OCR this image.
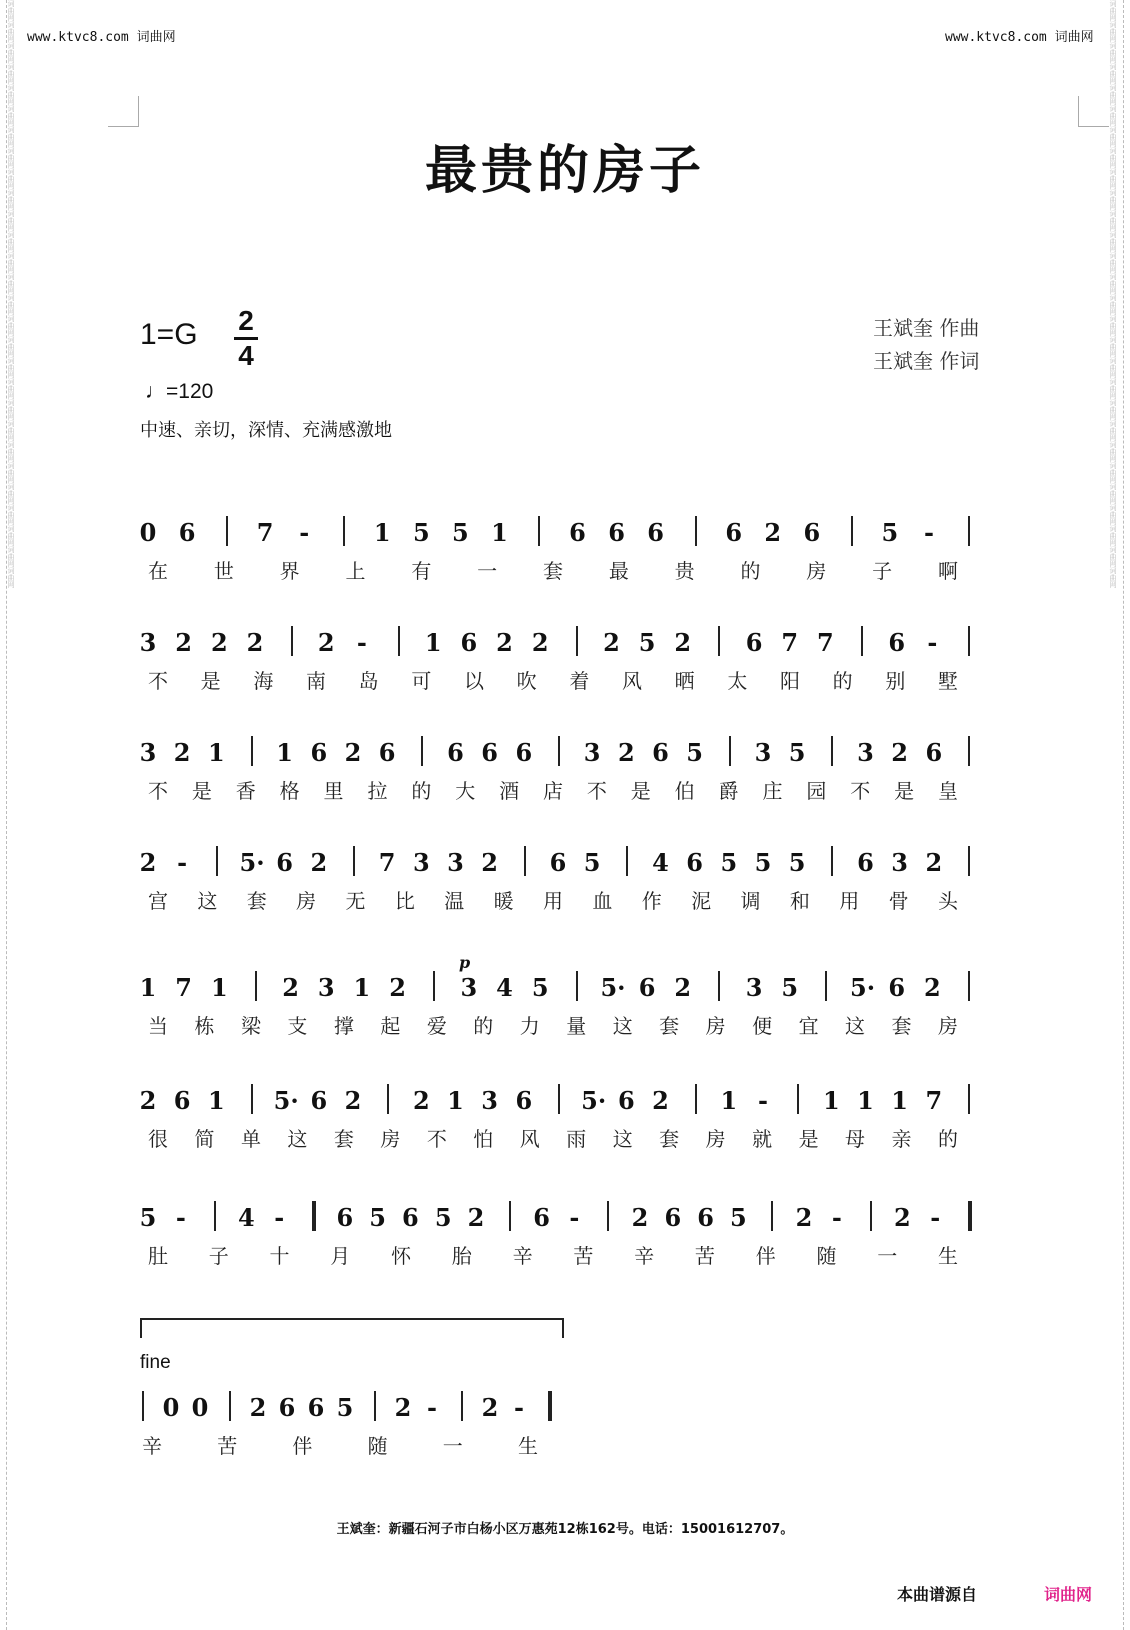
词曲网词曲网词曲网词曲网词曲网词曲网词曲网词曲网词曲网词曲网词曲网词曲网词曲网词曲网词曲网词曲网词曲网词曲网词曲网词曲网词曲网词曲网词曲网词曲网词曲网词曲网词曲网词曲网	词曲网词曲网词曲网词曲网词曲网词曲网词曲网词曲网词曲网词曲网词曲网词曲网词曲网词曲网词曲网词曲网词曲网词曲网词曲网词曲网词曲网词曲网词曲网词曲网词曲网词曲网词曲网词曲网
www.ktvc8.com 词曲网	www.ktvc8.com 词曲网
最贵的房子
1=G 2
4
王斌奎 作曲
王斌奎 作词
♩=120
中速、亲切，深情、充满感激地
0 6	7 -	1 5 5 1	6 6 6	6 2 6	5 -
在 世 界 上 有 一 套 最 贵 的 房 子 啊
3 2 2 2 2 - 1 6 2 2 2 5 2 6 7 7 6 -
不 是 海 南 岛 可 以 吹 着 风 晒 太 阳 的 别 墅
3 2 1 1 6 2 6 6 6 6 3 2 6 5 3 5 3 2 6
不 是 香 格 里 拉 的 大 酒 店 不 是 伯 爵 庄 园 不 是 皇
2 - 5· 6 2 7 3 3 2 6 5 4 6 5 5 5 6 3 2
宫 这 套 房 无 比 温 暖 用 血 作 泥 调 和 用 骨 头
1 7 1 2 3 1 2 3 4 5 5· 6 2 3 5 5· 6 2
当 栋 梁 支 撑 起 爱 的 力 量 这 套 房 便 宜 这 套 房
2 6 1 5· 6 2 2 1 3 6 5· 6 2 1 - 1 1 1 7
很 简 单 这 套 房 不 怕 风 雨 这 套 房 就 是 母 亲 的
5 - 4 - 6 5 6 5 2 6 - 2 6 6 5 2 - 2 -
肚 子 十 月 怀 胎 辛 苦 辛 苦 伴 随 一 生
p
fine
0 0 2 6 6 5 2 - 2 -
辛	苦	伴	随	一	生
王斌奎：新疆石河子市白杨小区万惠苑12栋162号。电话：15001612707。
本曲谱源自	词曲网
